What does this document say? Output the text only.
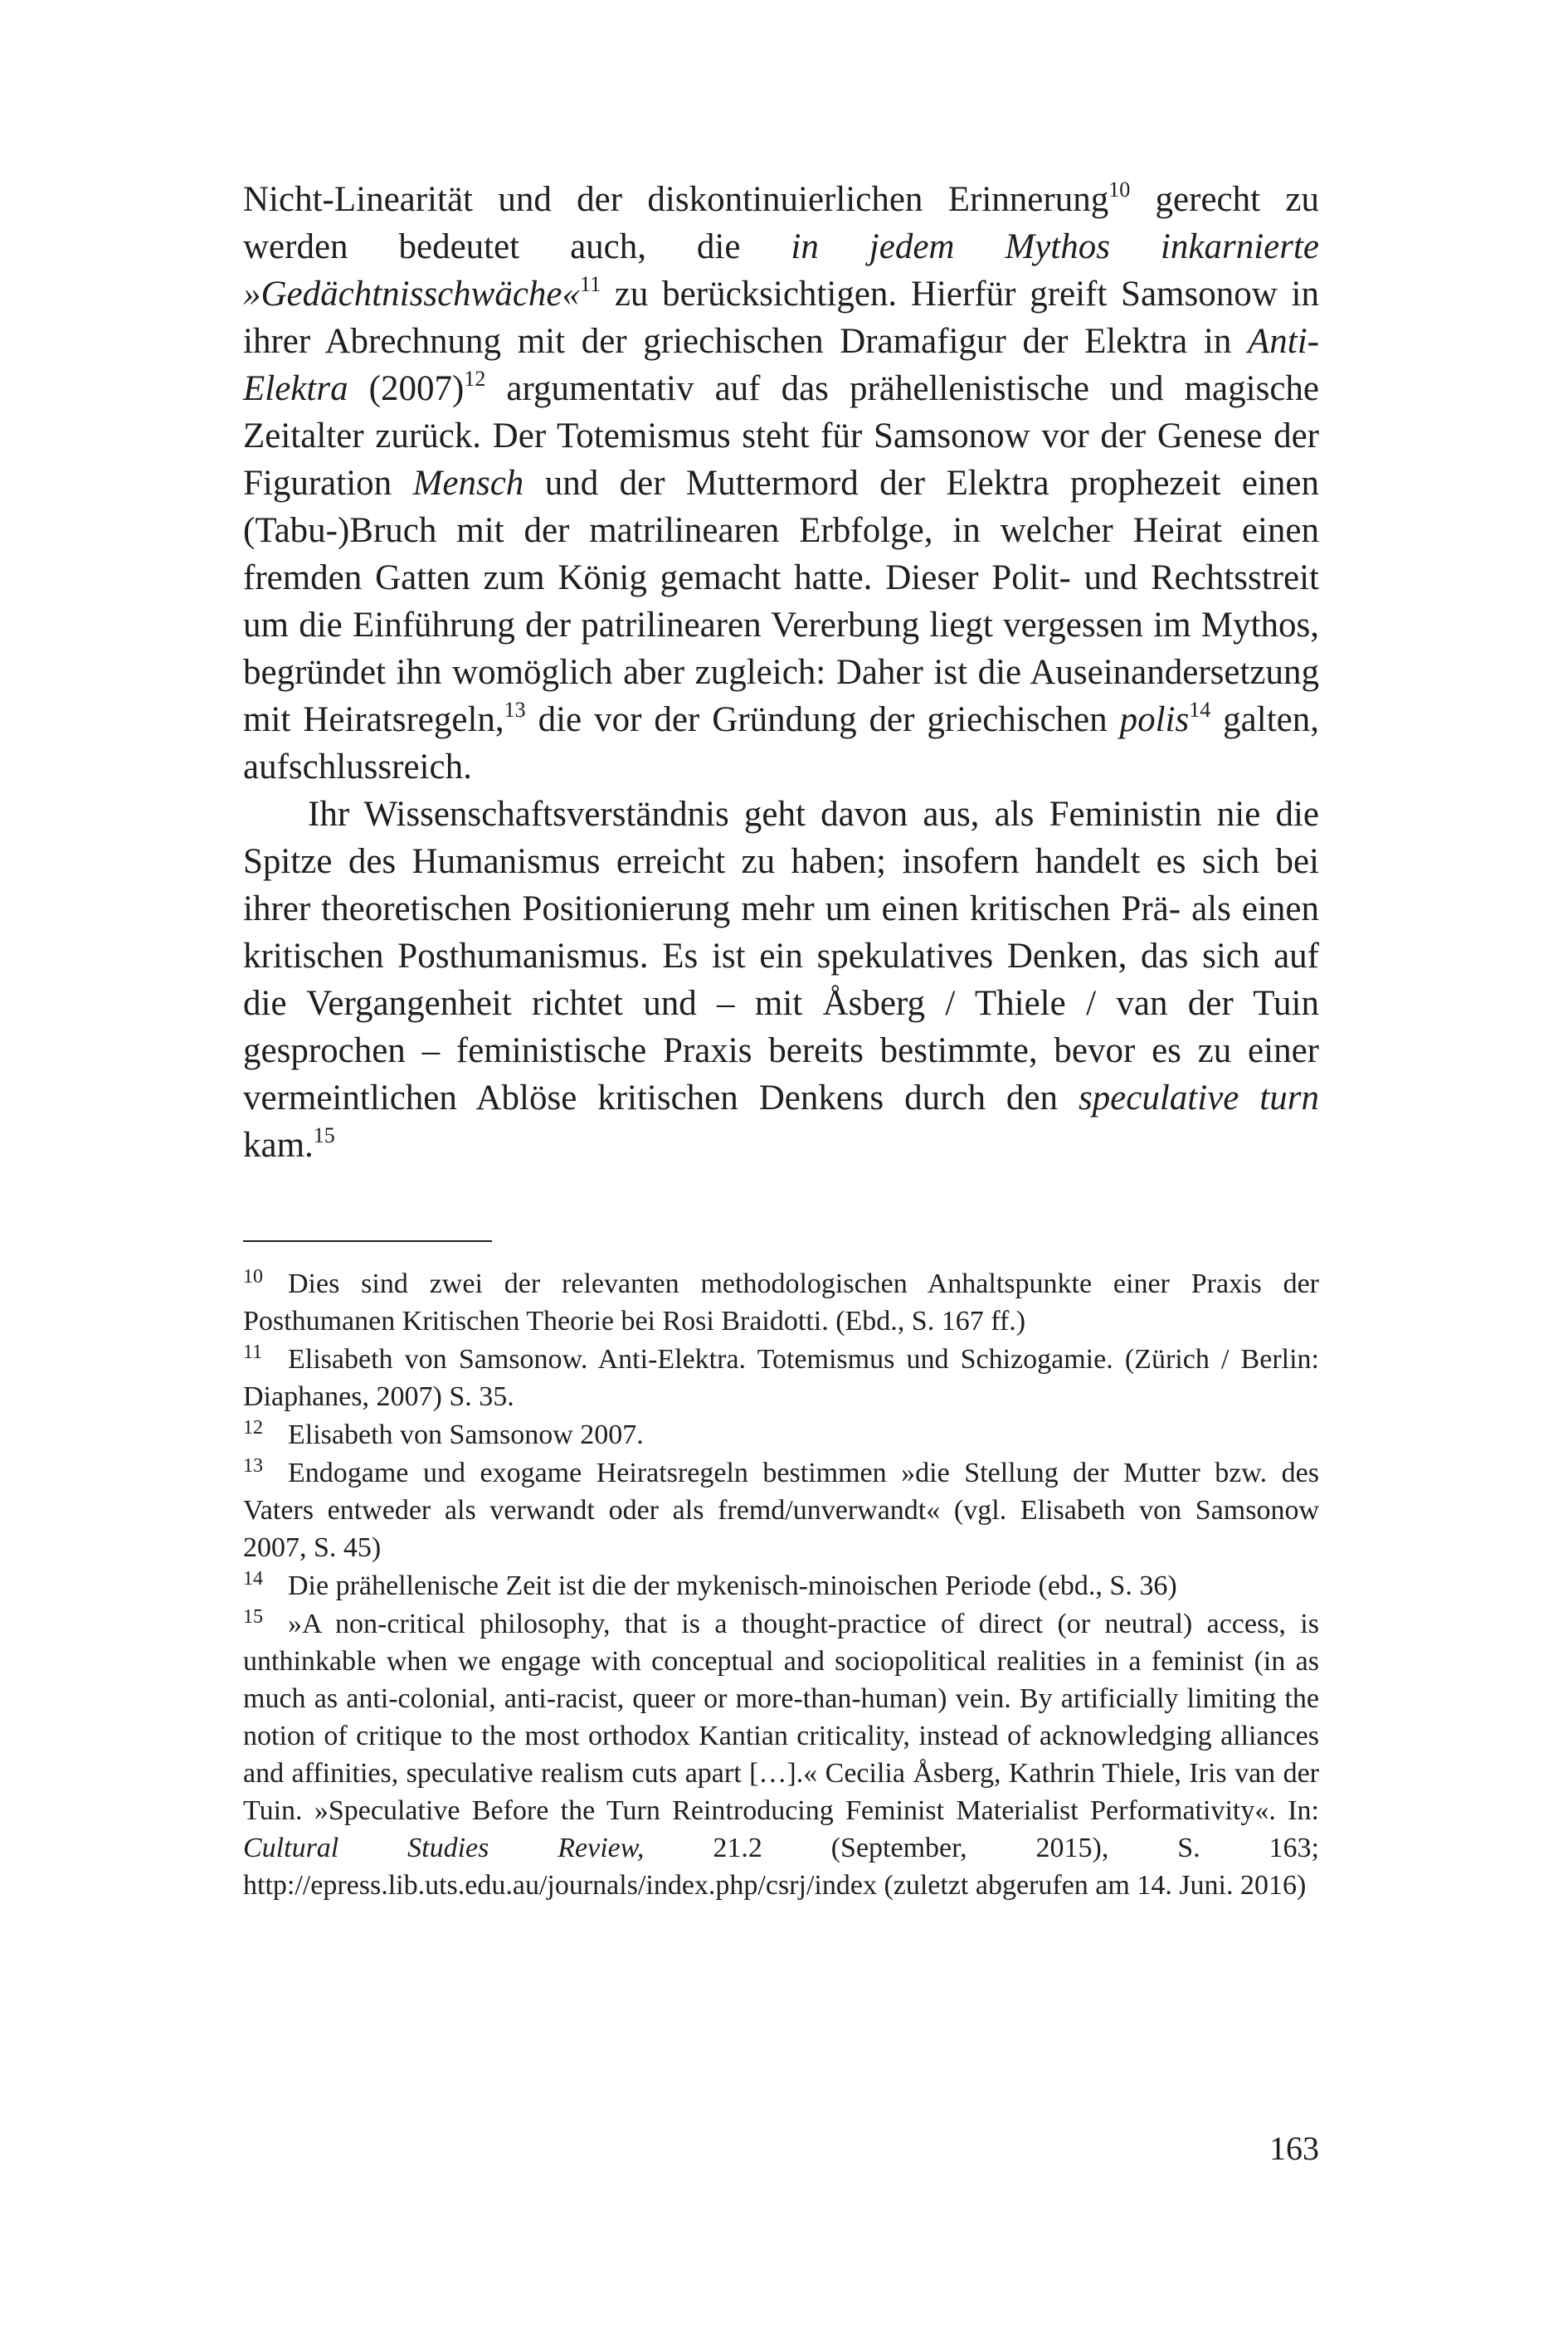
Nicht-Linearität und der diskontinuierlichen Erinnerung$^{10}$ gerecht zu werden bedeutet auch, die in jedem Mythos inkarnierte »Gedächtnisschwäche«$^{11}$ zu berücksichtigen. Hierfür greift Samsonow in ihrer Abrechnung mit der griechischen Dramafigur der Elektra in Anti-Elektra $(2007)^{12}$ argumentativ auf das prähellenistische und magische Zeitalter zurück. Der Totemismus steht für Samsonow vor der Genese der Figuration Mensch und der Muttermord der Elektra prophezeit einen (Tabu-)Bruch mit der matrilinearen Erbfolge, in welcher Heirat einen fremden Gatten zum König gemacht hatte. Dieser Polit- und Rechtsstreit um die Einführung der patrilinearen Vererbung liegt vergessen im Mythos, begründet ihn womöglich aber zugleich: Daher ist die Auseinandersetzung mit Heiratsregeln,$^{13}$ die vor der Gründung der griechischen polis$^{14}$ galten, aufschlussreich.

Ihr Wissenschaftsverständnis geht davon aus, als Feministin nie die Spitze des Humanismus erreicht zu haben; insofern handelt es sich bei ihrer theoretischen Positionierung mehr um einen kritischen Prä- als einen kritischen Posthumanismus. Es ist ein spekulatives Denken, das sich auf die Vergangenheit richtet und – mit Åsberg / Thiele / van der Tuin gesprochen – feministische Praxis bereits bestimmte, bevor es zu einer vermeintlichen Ablöse kritischen Denkens durch den speculative turn kam.$^{15}$

10 Dies sind zwei der relevanten methodologischen Anhaltspunkte einer Praxis der Posthumanen Kritischen Theorie bei Rosi Braidotti. (Ebd., S. 167 ff.)

11 Elisabeth von Samsonow. Anti-Elektra. Totemismus und Schizogamie. (Zürich / Berlin: Diaphanes, 2007) S. 35.

12 Elisabeth von Samsonow 2007.

13 Endogame und exogame Heiratsregeln bestimmen »die Stellung der Mutter bzw. des Vaters entweder als verwandt oder als fremd/unverwandt« (vgl. Elisabeth von Samsonow 2007, S. 45)

14 Die prähellenische Zeit ist die der mykenisch-minoischen Periode (ebd., S. 36)

15 »A non-critical philosophy, that is a thought-practice of direct (or neutral) access, is unthinkable when we engage with conceptual and sociopolitical realities in a feminist (in as much as anti-colonial, anti-racist, queer or more-than-human) vein. By artificially limiting the notion of critique to the most orthodox Kantian criticality, instead of acknowledging alliances and affinities, speculative realism cuts apart […].« Cecilia Åsberg, Kathrin Thiele, Iris van der Tuin. »Speculative Before the Turn Reintroducing Feminist Materialist Performativity«. In: Cultural Studies Review, 21.2 (September, 2015), S. 163; http://epress.lib.uts.edu.au/journals/index.php/csrj/index (zuletzt abgerufen am 14. Juni. 2016)

163
